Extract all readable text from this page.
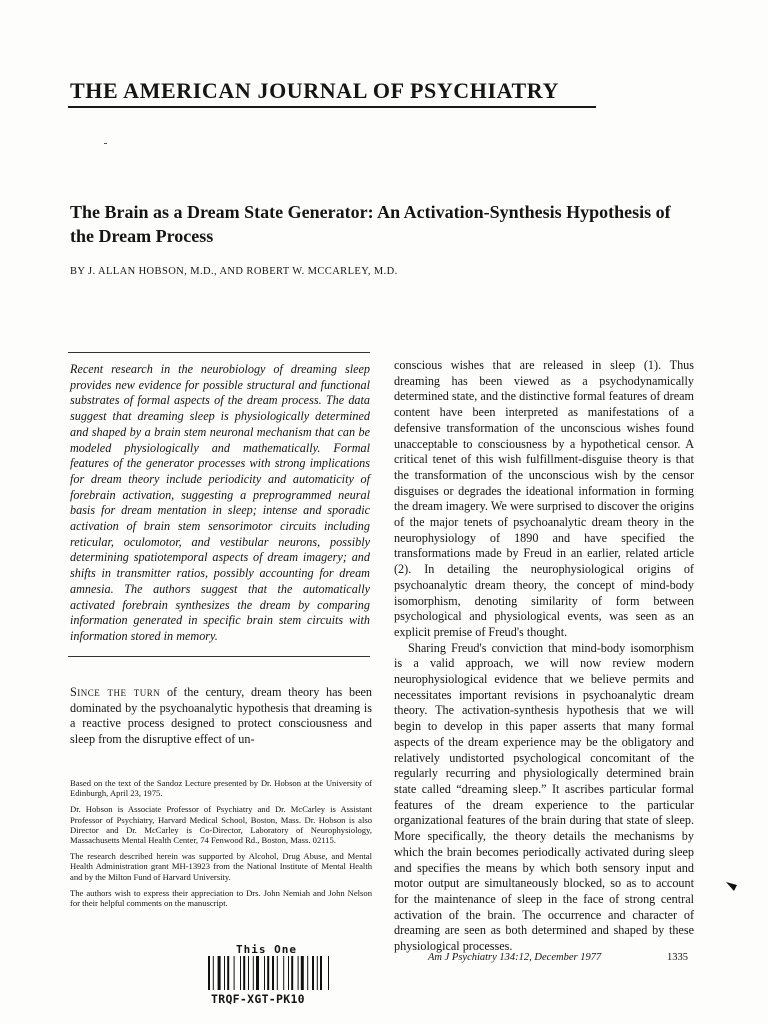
THE AMERICAN JOURNAL OF PSYCHIATRY
The Brain as a Dream State Generator: An Activation-Synthesis Hypothesis of the Dream Process
BY J. ALLAN HOBSON, M.D., AND ROBERT W. MCCARLEY, M.D.
Recent research in the neurobiology of dreaming sleep provides new evidence for possible structural and functional substrates of formal aspects of the dream process. The data suggest that dreaming sleep is physiologically determined and shaped by a brain stem neuronal mechanism that can be modeled physiologically and mathematically. Formal features of the generator processes with strong implications for dream theory include periodicity and automaticity of forebrain activation, suggesting a preprogrammed neural basis for dream mentation in sleep; intense and sporadic activation of brain stem sensorimotor circuits including reticular, oculomotor, and vestibular neurons, possibly determining spatiotemporal aspects of dream imagery; and shifts in transmitter ratios, possibly accounting for dream amnesia. The authors suggest that the automatically activated forebrain synthesizes the dream by comparing information generated in specific brain stem circuits with information stored in memory.
Since the turn of the century, dream theory has been dominated by the psychoanalytic hypothesis that dreaming is a reactive process designed to protect consciousness and sleep from the disruptive effect of un-

Based on the text of the Sandoz Lecture presented by Dr. Hobson at the University of Edinburgh, April 23, 1975.

Dr. Hobson is Associate Professor of Psychiatry and Dr. McCarley is Assistant Professor of Psychiatry, Harvard Medical School, Boston, Mass. Dr. Hobson is also Director and Dr. McCarley is Co-Director, Laboratory of Neurophysiology, Massachusetts Mental Health Center, 74 Fenwood Rd., Boston, Mass. 02115.

The research described herein was supported by Alcohol, Drug Abuse, and Mental Health Administration grant MH-13923 from the National Institute of Mental Health and by the Milton Fund of Harvard University.

The authors wish to express their appreciation to Drs. John Nemiah and John Nelson for their helpful comments on the manuscript.

conscious wishes that are released in sleep (1). Thus dreaming has been viewed as a psychodynamically determined state, and the distinctive formal features of dream content have been interpreted as manifestations of a defensive transformation of the unconscious wishes found unacceptable to consciousness by a hypothetical censor. A critical tenet of this wish fulfillment-disguise theory is that the transformation of the unconscious wish by the censor disguises or degrades the ideational information in forming the dream imagery. We were surprised to discover the origins of the major tenets of psychoanalytic dream theory in the neurophysiology of 1890 and have specified the transformations made by Freud in an earlier, related article (2). In detailing the neurophysiological origins of psychoanalytic dream theory, the concept of mind-body isomorphism, denoting similarity of form between psychological and physiological events, was seen as an explicit premise of Freud's thought.

Sharing Freud's conviction that mind-body isomorphism is a valid approach, we will now review modern neurophysiological evidence that we believe permits and necessitates important revisions in psychoanalytic dream theory. The activation-synthesis hypothesis that we will begin to develop in this paper asserts that many formal aspects of the dream experience may be the obligatory and relatively undistorted psychological concomitant of the regularly recurring and physiologically determined brain state called “dreaming sleep.” It ascribes particular formal features of the dream experience to the particular organizational features of the brain during that state of sleep. More specifically, the theory details the mechanisms by which the brain becomes periodically activated during sleep and specifies the means by which both sensory input and motor output are simultaneously blocked, so as to account for the maintenance of sleep in the face of strong central activation of the brain. The occurrence and character of dreaming are seen as both determined and shaped by these physiological processes.

Am J Psychiatry 134:12, December 1977	1335
This One
TRQF-XGT-PK10
